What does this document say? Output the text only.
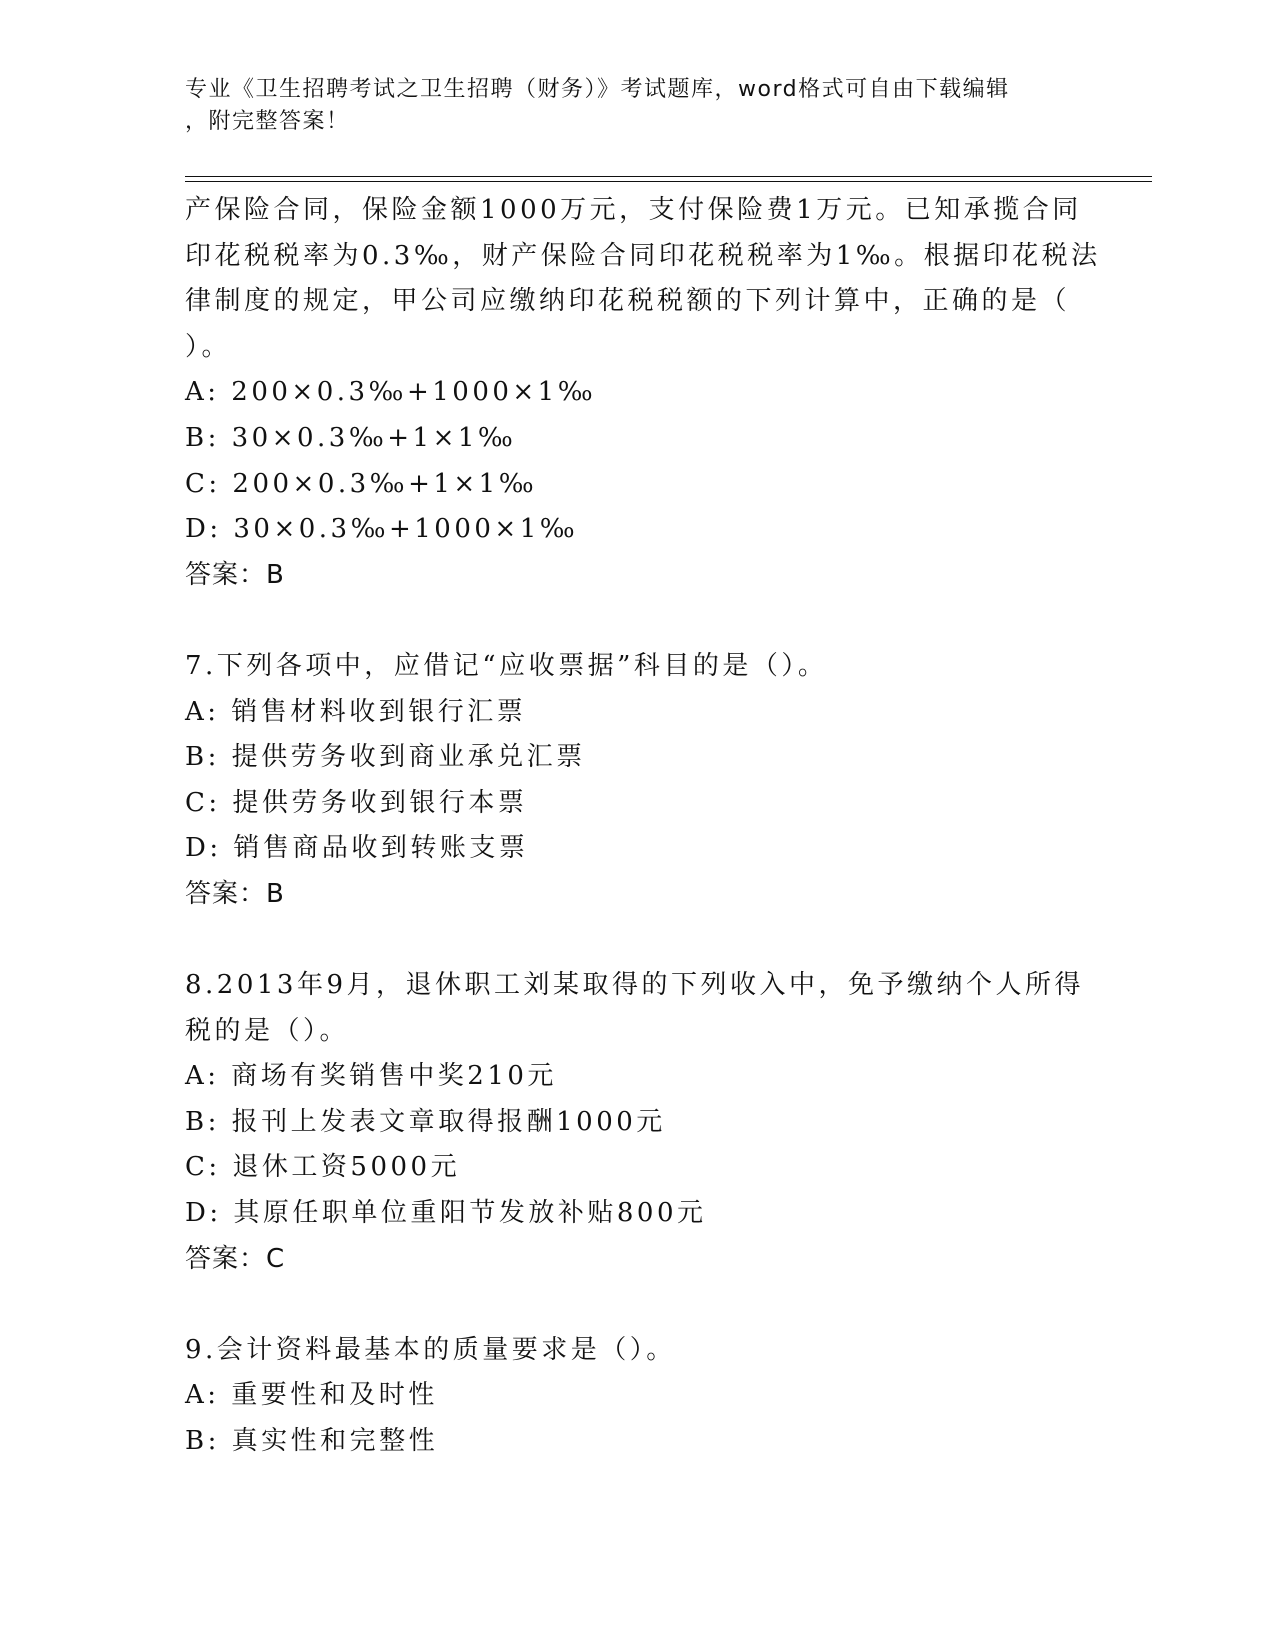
专业《卫生招聘考试之卫生招聘（财务）》考试题库，word格式可自由下载编辑
，附完整答案！
产保险合同，保险金额1000万元，支付保险费1万元。已知承揽合同
印花税税率为0.3‰，财产保险合同印花税税率为1‰。根据印花税法
律制度的规定，甲公司应缴纳印花税税额的下列计算中，正确的是（
）。
A: 200×0.3‰+1000×1‰
B: 30×0.3‰+1×1‰
C: 200×0.3‰+1×1‰
D: 30×0.3‰+1000×1‰
答案：B
7.下列各项中，应借记“应收票据”科目的是（）。
A: 销售材料收到银行汇票
B: 提供劳务收到商业承兑汇票
C: 提供劳务收到银行本票
D: 销售商品收到转账支票
答案：B
8.2013年9月，退休职工刘某取得的下列收入中，免予缴纳个人所得
税的是（）。
A: 商场有奖销售中奖210元
B: 报刊上发表文章取得报酬1000元
C: 退休工资5000元
D: 其原任职单位重阳节发放补贴800元
答案：C
9.会计资料最基本的质量要求是（）。
A: 重要性和及时性
B: 真实性和完整性
